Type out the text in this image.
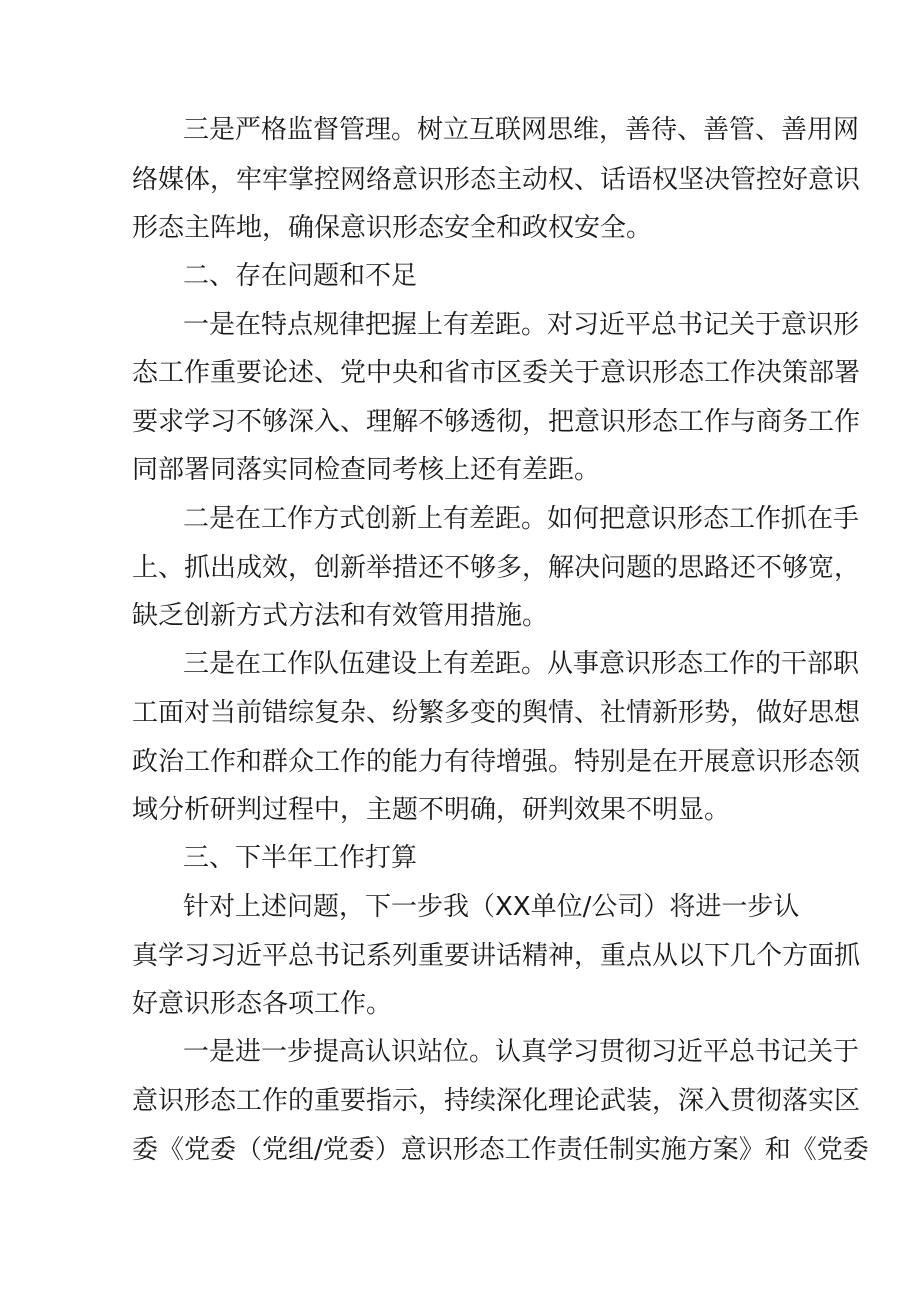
三是严格监督管理。树立互联网思维，善待、善管、善用网
络媒体，牢牢掌控网络意识形态主动权、话语权坚决管控好意识
形态主阵地，确保意识形态安全和政权安全。
二、存在问题和不足
一是在特点规律把握上有差距。对习近平总书记关于意识形
态工作重要论述、党中央和省市区委关于意识形态工作决策部署
要求学习不够深入、理解不够透彻，把意识形态工作与商务工作
同部署同落实同检查同考核上还有差距。
二是在工作方式创新上有差距。如何把意识形态工作抓在手
上、抓出成效，创新举措还不够多，解决问题的思路还不够宽，
缺乏创新方式方法和有效管用措施。
三是在工作队伍建设上有差距。从事意识形态工作的干部职
工面对当前错综复杂、纷繁多变的舆情、社情新形势，做好思想
政治工作和群众工作的能力有待增强。特别是在开展意识形态领
域分析研判过程中，主题不明确，研判效果不明显。
三、下半年工作打算
针对上述问题，下一步我（XX单位/公司）将进一步认
真学习习近平总书记系列重要讲话精神，重点从以下几个方面抓
好意识形态各项工作。
一是进一步提高认识站位。认真学习贯彻习近平总书记关于
意识形态工作的重要指示，持续深化理论武装，深入贯彻落实区
委《党委（党组/党委）意识形态工作责任制实施方案》和《党委
